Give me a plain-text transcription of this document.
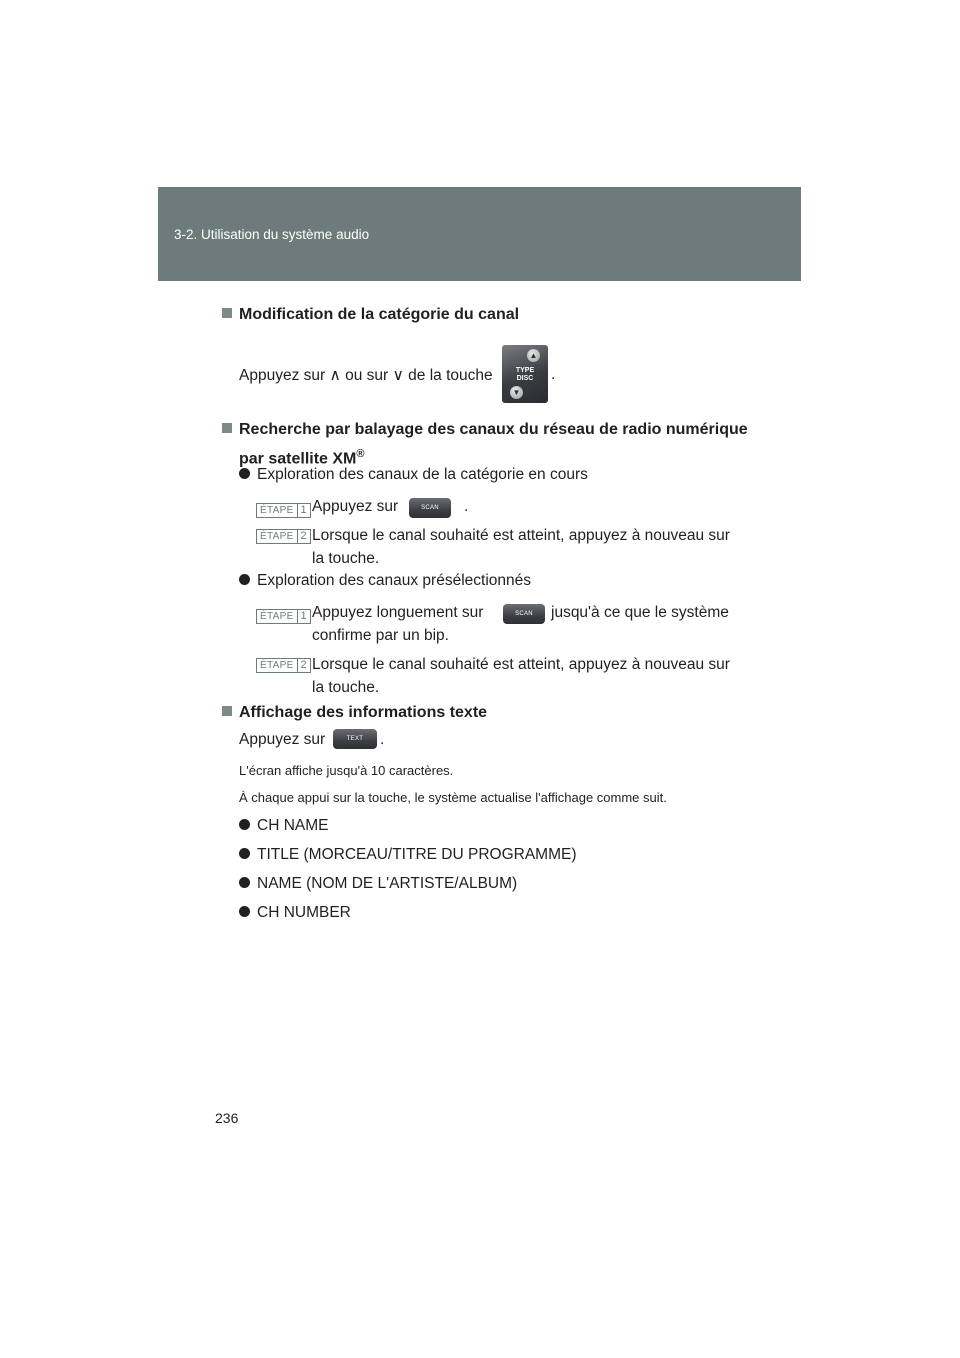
3-2. Utilisation du système audio
Modification de la catégorie du canal
Appuyez sur ∧ ou sur ∨ de la touche
▲
TYPE
DISC
▼
.
Recherche par balayage des canaux du réseau de radio numérique
par satellite XM®
Exploration des canaux de la catégorie en cours
ÉTAPE 1 Appuyez sur	SCAN	.
ÉTAPE 2 Lorsque le canal souhaité est atteint, appuyez à nouveau sur
la touche.
Exploration des canaux présélectionnés
ÉTAPE 1 Appuyez longuement sur	SCAN	jusqu'à ce que le système
confirme par un bip.
ÉTAPE 2 Lorsque le canal souhaité est atteint, appuyez à nouveau sur
la touche.
Affichage des informations texte
Appuyez sur	TEXT	.
L'écran affiche jusqu'à 10 caractères.
À chaque appui sur la touche, le système actualise l'affichage comme suit.
CH NAME
TITLE (MORCEAU/TITRE DU PROGRAMME)
NAME (NOM DE L'ARTISTE/ALBUM)
CH NUMBER
236
